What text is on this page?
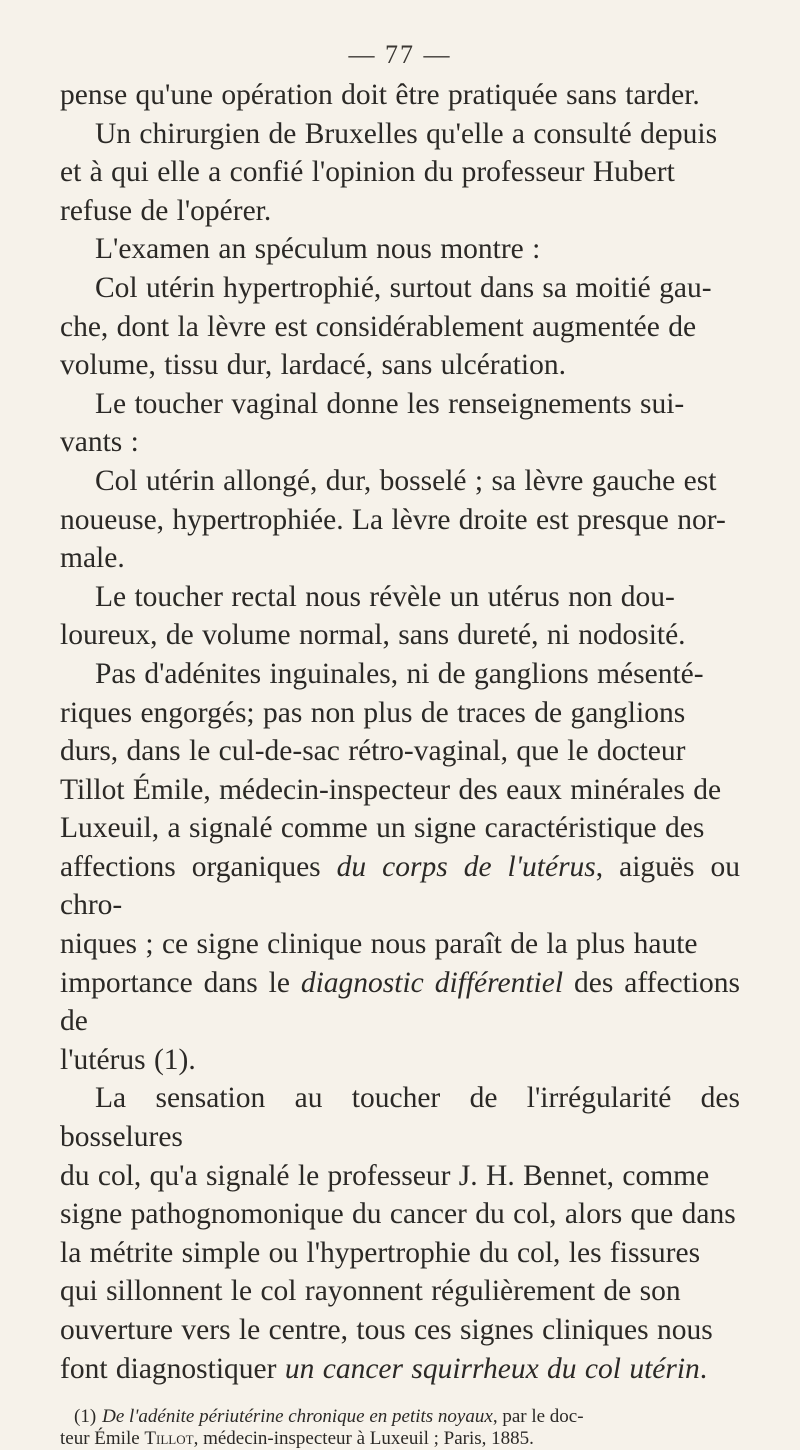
— 77 —

pense qu'une opération doit être pratiquée sans tarder.
Un chirurgien de Bruxelles qu'elle a consulté depuis
et à qui elle a confié l'opinion du professeur Hubert
refuse de l'opérer.

L'examen an spéculum nous montre :

Col utérin hypertrophié, surtout dans sa moitié gau-
che, dont la lèvre est considérablement augmentée de
volume, tissu dur, lardacé, sans ulcération.

Le toucher vaginal donne les renseignements sui-
vants :

Col utérin allongé, dur, bosselé ; sa lèvre gauche est
noueuse, hypertrophiée. La lèvre droite est presque nor-
male.

Le toucher rectal nous révèle un utérus non dou-
loureux, de volume normal, sans dureté, ni nodosité.

Pas d'adénites inguinales, ni de ganglions mésenté-
riques engorgés; pas non plus de traces de ganglions
durs, dans le cul-de-sac rétro-vaginal, que le docteur
Tillot Émile, médecin-inspecteur des eaux minérales de
Luxeuil, a signalé comme un signe caractéristique des
affections organiques du corps de l'utérus, aiguës ou chro-
niques ; ce signe clinique nous paraît de la plus haute
importance dans le diagnostic différentiel des affections de
l'utérus (1).

La sensation au toucher de l'irrégularité des bosselures
du col, qu'a signalé le professeur J. H. Bennet, comme
signe pathognomonique du cancer du col, alors que dans
la métrite simple ou l'hypertrophie du col, les fissures
qui sillonnent le col rayonnent régulièrement de son
ouverture vers le centre, tous ces signes cliniques nous
font diagnostiquer un cancer squirrheux du col utérin.

(1) De l'adénite périutérine chronique en petits noyaux, par le doc-
teur Émile Tillot, médecin-inspecteur à Luxeuil ; Paris, 1885.
